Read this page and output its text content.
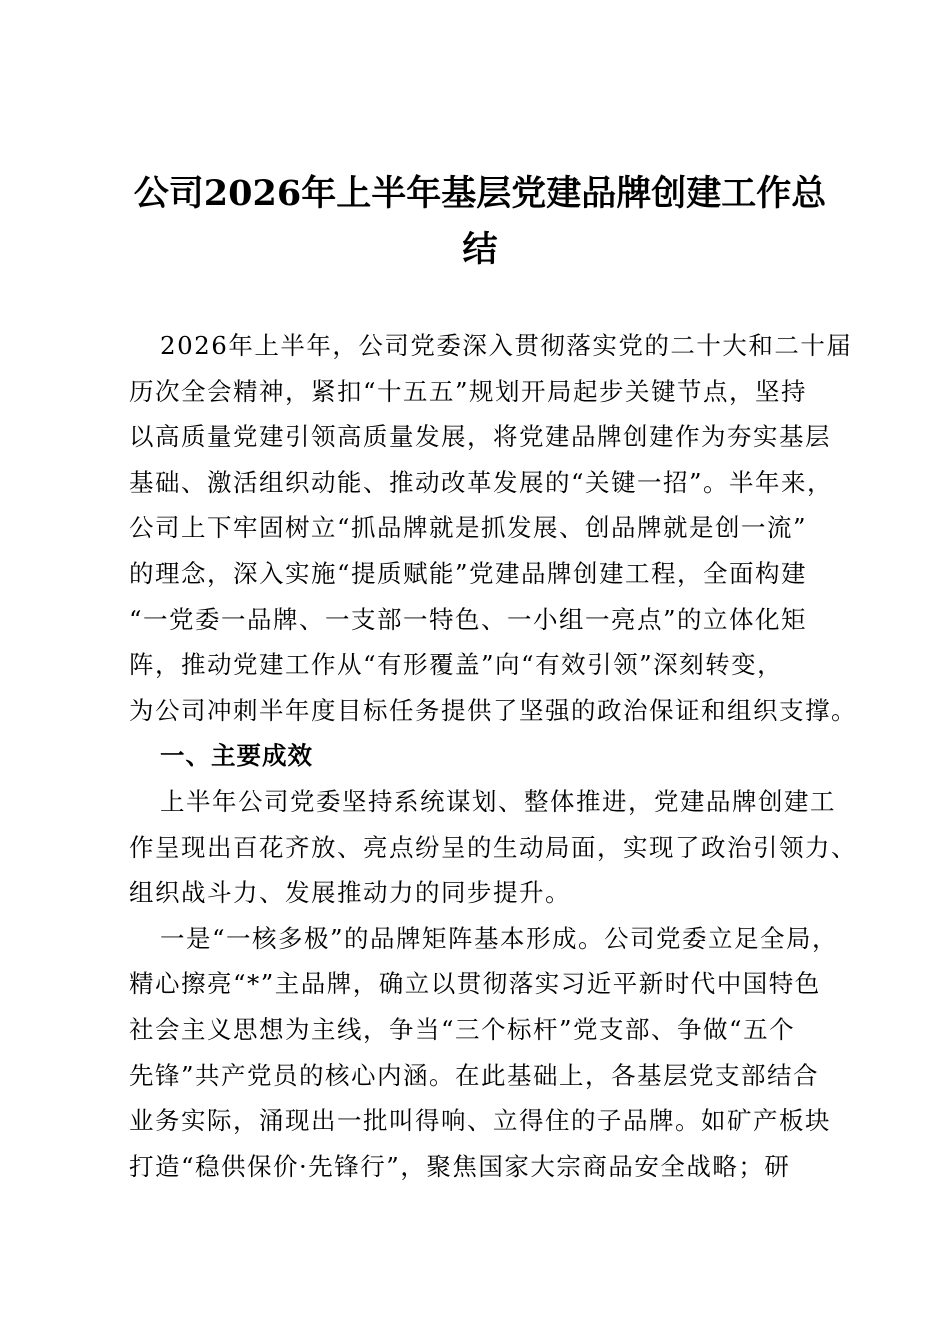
公司2026年上半年基层党建品牌创建工作总
结
2026年上半年，公司党委深入贯彻落实党的二十大和二十届
历次全会精神，紧扣“十五五”规划开局起步关键节点，坚持
以高质量党建引领高质量发展，将党建品牌创建作为夯实基层
基础、激活组织动能、推动改革发展的“关键一招”。半年来，
公司上下牢固树立“抓品牌就是抓发展、创品牌就是创一流”
的理念，深入实施“提质赋能”党建品牌创建工程，全面构建
“一党委一品牌、一支部一特色、一小组一亮点”的立体化矩
阵，推动党建工作从“有形覆盖”向“有效引领”深刻转变，
为公司冲刺半年度目标任务提供了坚强的政治保证和组织支撑。
一、主要成效
上半年公司党委坚持系统谋划、整体推进，党建品牌创建工
作呈现出百花齐放、亮点纷呈的生动局面，实现了政治引领力、
组织战斗力、发展推动力的同步提升。
一是“一核多极”的品牌矩阵基本形成。公司党委立足全局，
精心擦亮“*”主品牌，确立以贯彻落实习近平新时代中国特色
社会主义思想为主线，争当“三个标杆”党支部、争做“五个
先锋”共产党员的核心内涵。在此基础上，各基层党支部结合
业务实际，涌现出一批叫得响、立得住的子品牌。如矿产板块
打造“稳供保价·先锋行”，聚焦国家大宗商品安全战略；研
